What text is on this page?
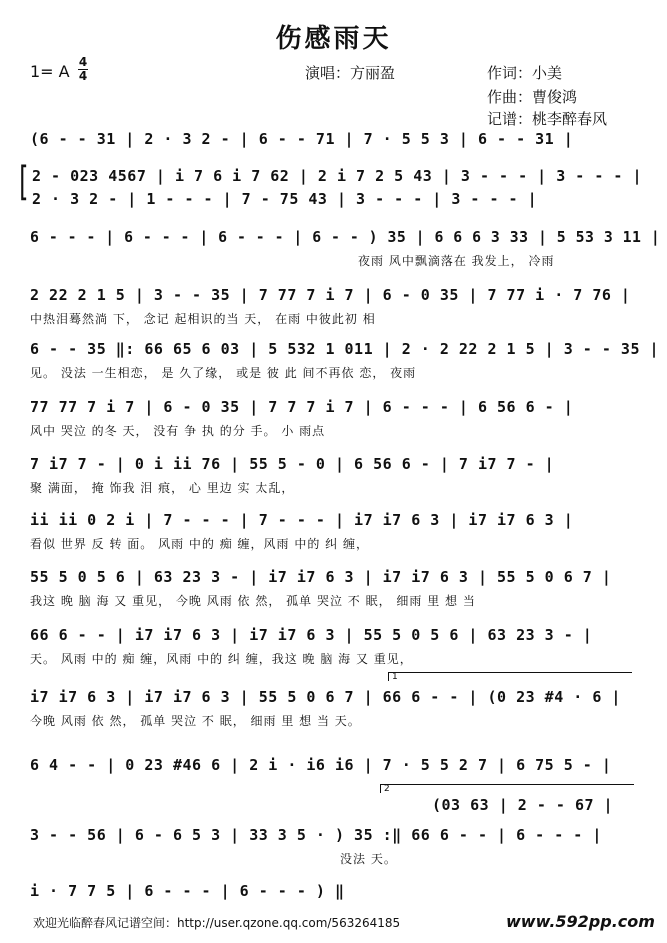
伤感雨天
1= A 4
4	演唱：方丽盈	作词：小美
作曲：曹俊鸿
记谱：桃李醉春风
(6 - - 31 | 2 · 3 2 - | 6 - - 71 | 7 · 5 5 3 | 6 - - 31 |
[ 2 - 023 4567 | i 7 6 i 7 62 | 2 i 7 2 5 43 | 3 - - - | 3 - - - |
2 · 3 2 - | 1 - - - | 7 - 75 43 | 3 - - - | 3 - - - |
6 - - - | 6 - - - | 6 - - - | 6 - - ) 35 | 6 6 6 3 33 | 5 53 3 11 |
夜雨 风中飘滴落在 我发上， 冷雨
2 22 2 1 5 | 3 - - 35 | 7 77 7 i 7 | 6 - 0 35 | 7 77 i · 7 76 |
中热泪蓦然淌 下， 念记 起相识的当 天， 在雨 中彼此初 相
6 - - 35 ‖: 66 65 6 03 | 5 532 1 011 | 2 · 2 22 2 1 5 | 3 - - 35 |
见。 没法 一生相恋， 是 久了缘， 或是 彼 此 间不再依 恋， 夜雨
77 77 7 i 7 | 6 - 0 35 | 7 7 7 i 7 | 6 - - - | 6 56 6 - |
风中 哭泣 的冬 天， 没有 争 执 的分 手。 小 雨点
7 i7 7 - | 0 i ii 76 | 55 5 - 0 | 6 56 6 - | 7 i7 7 - |
聚 满面， 掩 饰我 泪 痕， 心 里边 实 太乱，
ii ii 0 2 i | 7 - - - | 7 - - - | i7 i7 6 3 | i7 i7 6 3 |
看似 世界 反 转 面。 风雨 中的 痴 缠，风雨 中的 纠 缠，
55 5 0 5 6 | 63 23 3 - | i7 i7 6 3 | i7 i7 6 3 | 55 5 0 6 7 |
我这 晚 脑 海 又 重见， 今晚 风雨 依 然， 孤单 哭泣 不 眠， 细雨 里 想 当
66 6 - - | i7 i7 6 3 | i7 i7 6 3 | 55 5 0 5 6 | 63 23 3 - |
天。 风雨 中的 痴 缠，风雨 中的 纠 缠，我这 晚 脑 海 又 重见，
1
i7 i7 6 3 | i7 i7 6 3 | 55 5 0 6 7 | 66 6 - - | (0 23 #4 · 6 |
今晚 风雨 依 然， 孤单 哭泣 不 眠， 细雨 里 想 当 天。
6 4 - - | 0 23 #46 6 | 2 i · i6 i6 | 7 · 5 5 2 7 | 6 75 5 - |
2
(03 63 | 2 - - 67 |
3 - - 56 | 6 - 6 5 3 | 33 3 5 · ) 35 :‖ 66 6 - - | 6 - - - |
没法 天。
i · 7 7 5 | 6 - - - | 6 - - - ) ‖
欢迎光临醉春风记谱空间：http://user.qzone.qq.com/563264185	www.592pp.com
